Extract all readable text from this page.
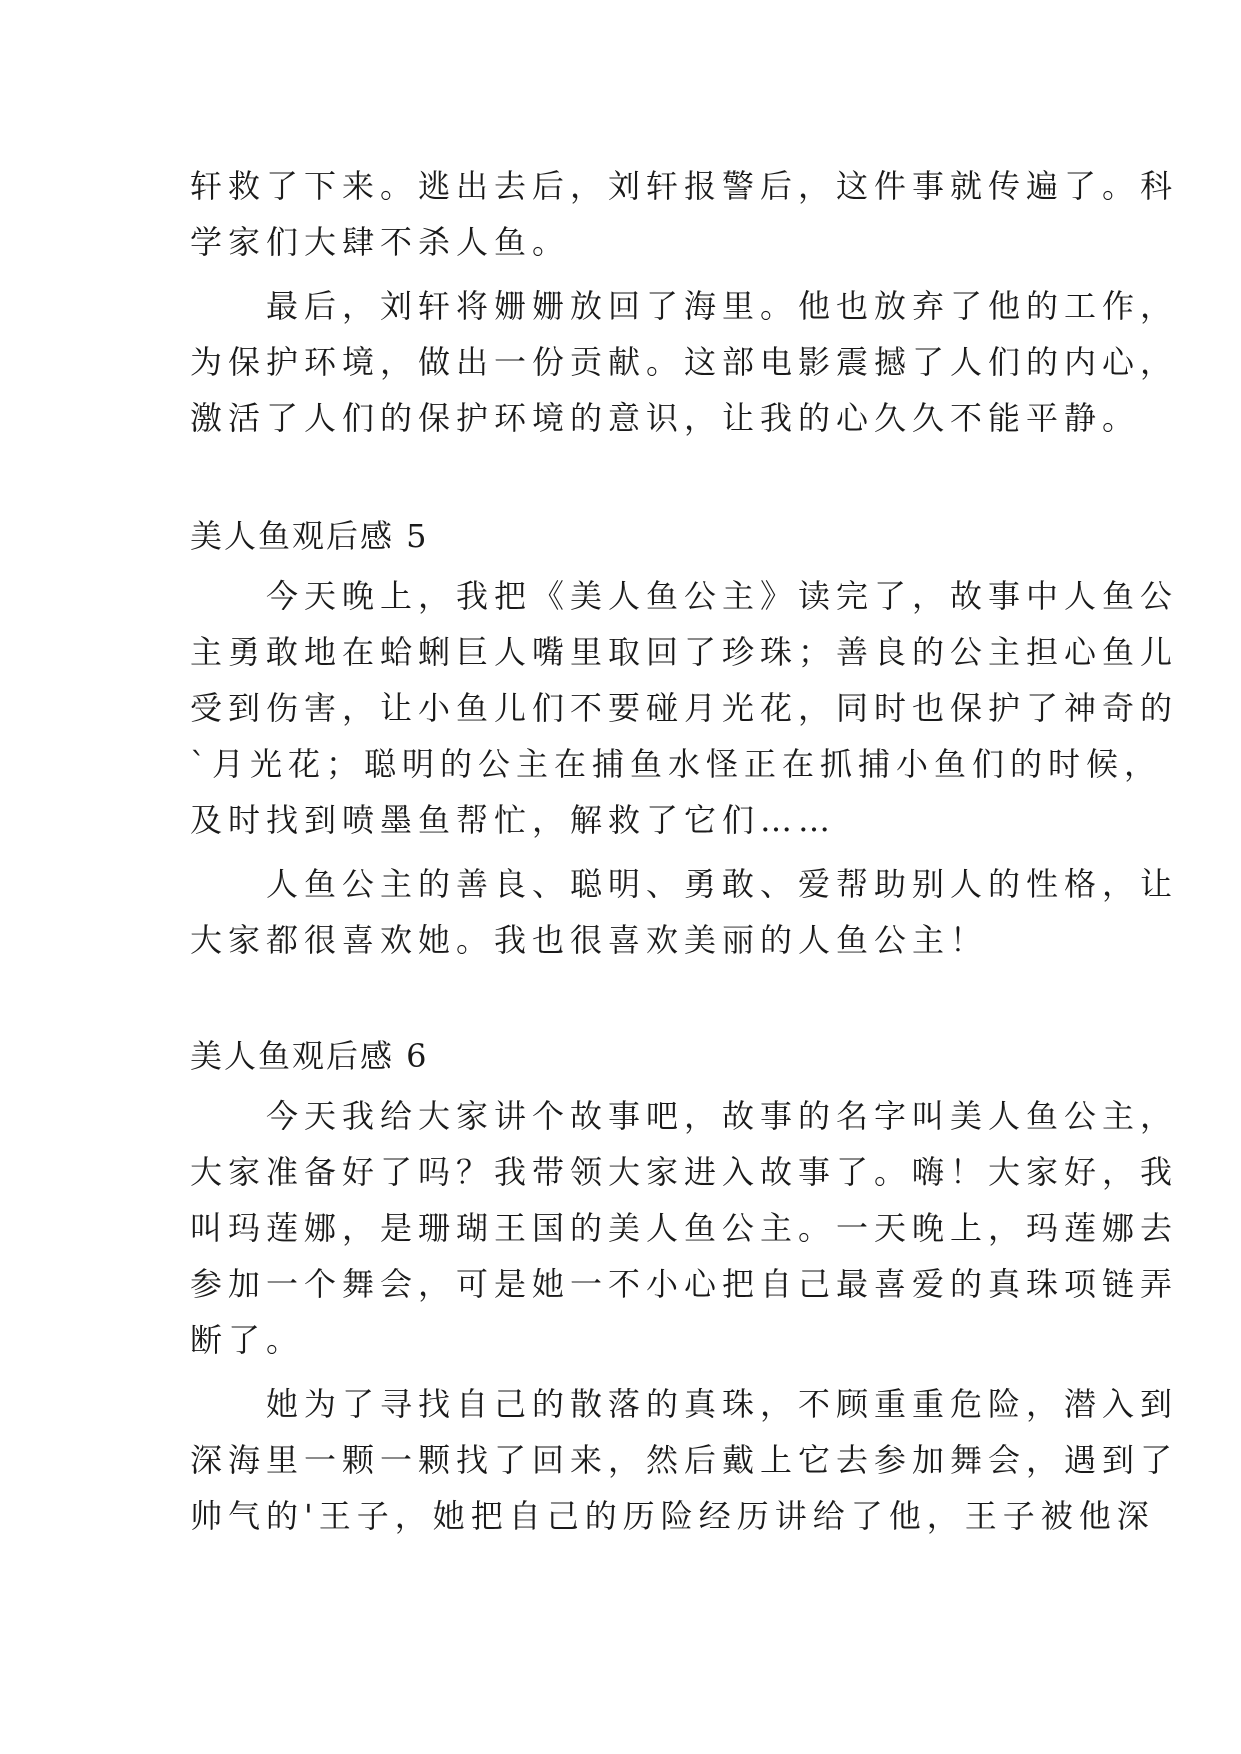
轩救了下来。逃出去后，刘轩报警后，这件事就传遍了。科
学家们大肆不杀人鱼。
　　最后，刘轩将姗姗放回了海里。他也放弃了他的工作，
为保护环境，做出一份贡献。这部电影震撼了人们的内心，
激活了人们的保护环境的意识，让我的心久久不能平静。
美人鱼观后感 5
　　今天晚上，我把《美人鱼公主》读完了，故事中人鱼公
主勇敢地在蛤蜊巨人嘴里取回了珍珠；善良的公主担心鱼儿
受到伤害，让小鱼儿们不要碰月光花，同时也保护了神奇的
`月光花；聪明的公主在捕鱼水怪正在抓捕小鱼们的时候，
及时找到喷墨鱼帮忙，解救了它们……
　　人鱼公主的善良、聪明、勇敢、爱帮助别人的性格，让
大家都很喜欢她。我也很喜欢美丽的人鱼公主！
美人鱼观后感 6
　　今天我给大家讲个故事吧，故事的名字叫美人鱼公主，
大家准备好了吗？我带领大家进入故事了。嗨！大家好，我
叫玛莲娜，是珊瑚王国的美人鱼公主。一天晚上，玛莲娜去
参加一个舞会，可是她一不小心把自己最喜爱的真珠项链弄
断了。
　　她为了寻找自己的散落的真珠，不顾重重危险，潜入到
深海里一颗一颗找了回来，然后戴上它去参加舞会，遇到了
帅气的'王子，她把自己的历险经历讲给了他，王子被他深
